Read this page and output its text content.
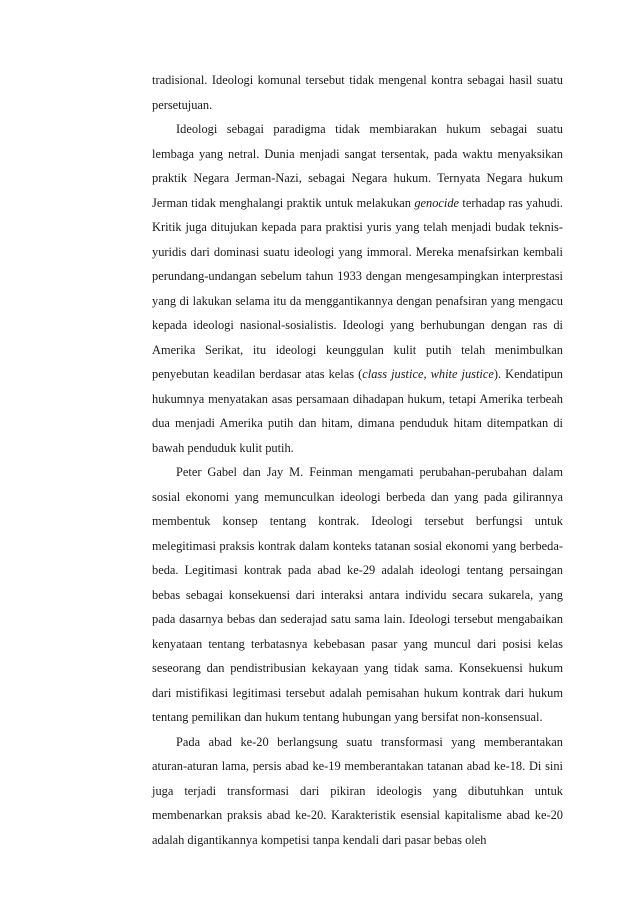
tradisional. Ideologi komunal tersebut tidak mengenal kontra sebagai hasil suatu persetujuan.

Ideologi sebagai paradigma tidak membiarakan hukum sebagai suatu lembaga yang netral. Dunia menjadi sangat tersentak, pada waktu menyaksikan praktik Negara Jerman-Nazi, sebagai Negara hukum. Ternyata Negara hukum Jerman tidak menghalangi praktik untuk melakukan genocide terhadap ras yahudi. Kritik juga ditujukan kepada para praktisi yuris yang telah menjadi budak teknis-yuridis dari dominasi suatu ideologi yang immoral. Mereka menafsirkan kembali perundang-undangan sebelum tahun 1933 dengan mengesampingkan interprestasi yang di lakukan selama itu da menggantikannya dengan penafsiran yang mengacu kepada ideologi nasional-sosialistis. Ideologi yang berhubungan dengan ras di Amerika Serikat, itu ideologi keunggulan kulit putih telah menimbulkan penyebutan keadilan berdasar atas kelas (class justice, white justice). Kendatipun hukumnya menyatakan asas persamaan dihadapan hukum, tetapi Amerika terbeah dua menjadi Amerika putih dan hitam, dimana penduduk hitam ditempatkan di bawah penduduk kulit putih.

Peter Gabel dan Jay M. Feinman mengamati perubahan-perubahan dalam sosial ekonomi yang memunculkan ideologi berbeda dan yang pada gilirannya membentuk konsep tentang kontrak. Ideologi tersebut berfungsi untuk melegitimasi praksis kontrak dalam konteks tatanan sosial ekonomi yang berbeda-beda. Legitimasi kontrak pada abad ke-29 adalah ideologi tentang persaingan bebas sebagai konsekuensi dari interaksi antara individu secara sukarela, yang pada dasarnya bebas dan sederajad satu sama lain. Ideologi tersebut mengabaikan kenyataan tentang terbatasnya kebebasan pasar yang muncul dari posisi kelas seseorang dan pendistribusian kekayaan yang tidak sama. Konsekuensi hukum dari mistifikasi legitimasi tersebut adalah pemisahan hukum kontrak dari hukum tentang pemilikan dan hukum tentang hubungan yang bersifat non-konsensual.

Pada abad ke-20 berlangsung suatu transformasi yang memberantakan aturan-aturan lama, persis abad ke-19 memberantakan tatanan abad ke-18. Di sini juga terjadi transformasi dari pikiran ideologis yang dibutuhkan untuk membenarkan praksis abad ke-20. Karakteristik esensial kapitalisme abad ke-20 adalah digantikannya kompetisi tanpa kendali dari pasar bebas oleh
